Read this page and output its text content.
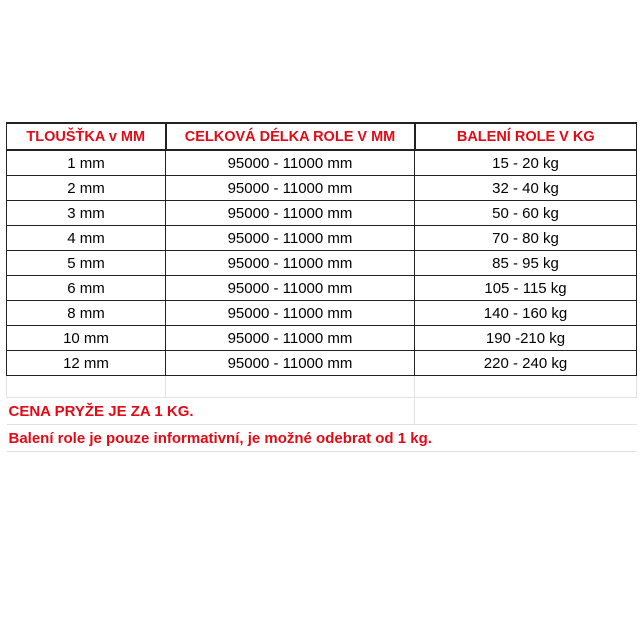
TLOUŠŤKA v MM	CELKOVÁ DÉLKA ROLE V MM	BALENÍ ROLE V KG
1 mm	95000 - 11000 mm	15 - 20 kg
2 mm	95000 - 11000 mm	32 - 40 kg
3 mm	95000 - 11000 mm	50 - 60 kg
4 mm	95000 - 11000 mm	70 - 80 kg
5 mm	95000 - 11000 mm	85 - 95 kg
6 mm	95000 - 11000 mm	105 - 115 kg
8 mm	95000 - 11000 mm	140 - 160 kg
10 mm	95000 - 11000 mm	190 -210 kg
12 mm	95000 - 11000 mm	220 - 240 kg

CENA PRYŽE JE ZA 1 KG.		
Balení role je pouze informativní, je možné odebrat od 1 kg.		
